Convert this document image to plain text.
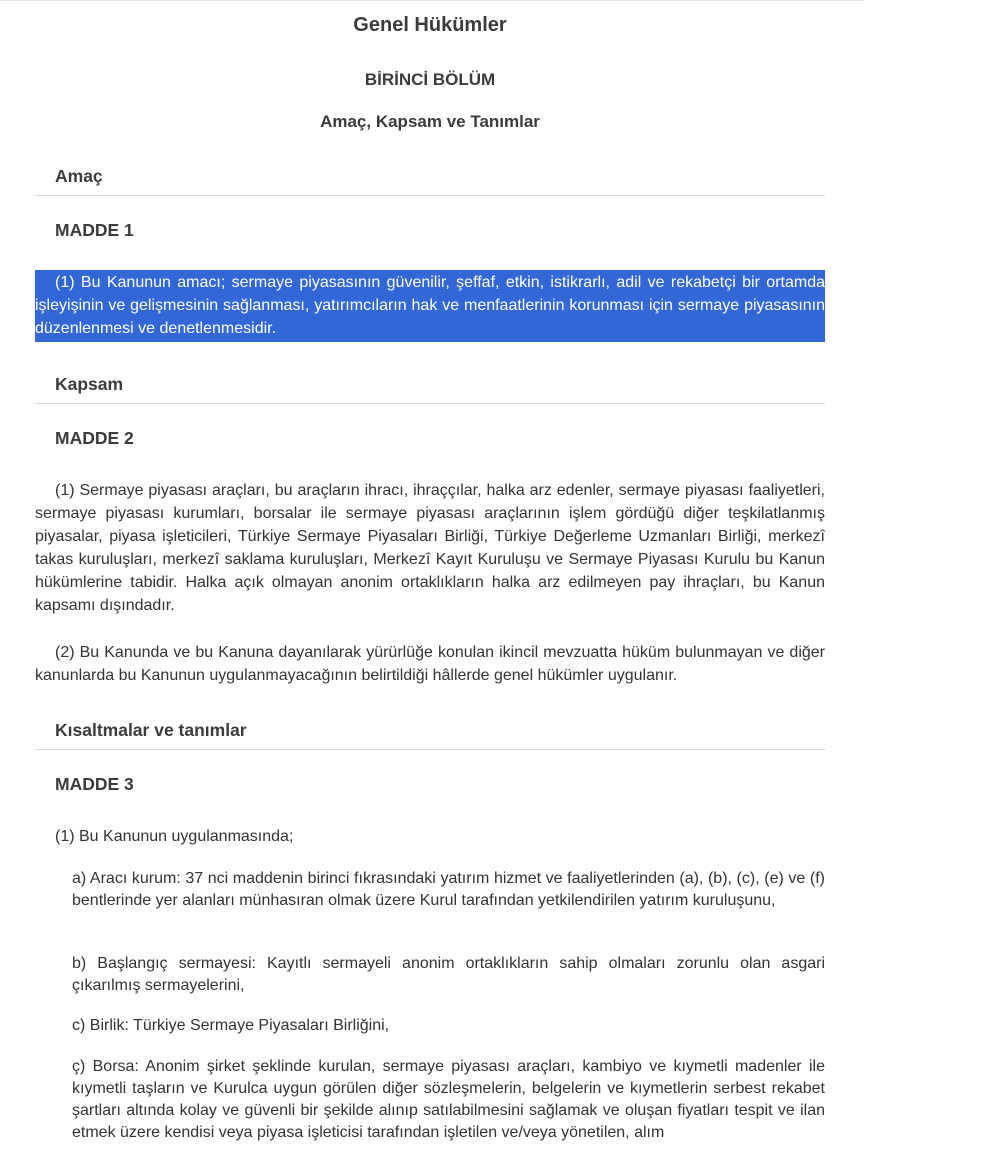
Genel Hükümler
BİRİNCİ BÖLÜM
Amaç, Kapsam ve Tanımlar
Amaç
MADDE 1

(1) Bu Kanunun amacı; sermaye piyasasının güvenilir, şeffaf, etkin, istikrarlı, adil ve rekabetçi bir ortamda işleyişinin ve gelişmesinin sağlanması, yatırımcıların hak ve menfaatlerinin korunması için sermaye piyasasının düzenlenmesi ve denetlenmesidir.

Kapsam
MADDE 2

(1) Sermaye piyasası araçları, bu araçların ihracı, ihraççılar, halka arz edenler, sermaye piyasası faaliyetleri, sermaye piyasası kurumları, borsalar ile sermaye piyasası araçlarının işlem gördüğü diğer teşkilatlanmış piyasalar, piyasa işleticileri, Türkiye Sermaye Piyasaları Birliği, Türkiye Değerleme Uzmanları Birliği, merkezî takas kuruluşları, merkezî saklama kuruluşları, Merkezî Kayıt Kuruluşu ve Sermaye Piyasası Kurulu bu Kanun hükümlerine tabidir. Halka açık olmayan anonim ortaklıkların halka arz edilmeyen pay ihraçları, bu Kanun kapsamı dışındadır.

(2) Bu Kanunda ve bu Kanuna dayanılarak yürürlüğe konulan ikincil mevzuatta hüküm bulunmayan ve diğer kanunlarda bu Kanunun uygulanmayacağının belirtildiği hâllerde genel hükümler uygulanır.

Kısaltmalar ve tanımlar
MADDE 3

(1) Bu Kanunun uygulanmasında;

a) Aracı kurum: 37 nci maddenin birinci fıkrasındaki yatırım hizmet ve faaliyetlerinden (a), (b), (c), (e) ve (f) bentlerinde yer alanları münhasıran olmak üzere Kurul tarafından yetkilendirilen yatırım kuruluşunu,

b) Başlangıç sermayesi: Kayıtlı sermayeli anonim ortaklıkların sahip olmaları zorunlu olan asgari çıkarılmış sermayelerini,

c) Birlik: Türkiye Sermaye Piyasaları Birliğini,

ç) Borsa: Anonim şirket şeklinde kurulan, sermaye piyasası araçları, kambiyo ve kıymetli madenler ile kıymetli taşların ve Kurulca uygun görülen diğer sözleşmelerin, belgelerin ve kıymetlerin serbest rekabet şartları altında kolay ve güvenli bir şekilde alınıp satılabilmesini sağlamak ve oluşan fiyatları tespit ve ilan etmek üzere kendisi veya piyasa işleticisi tarafından işletilen ve/veya yönetilen, alım
